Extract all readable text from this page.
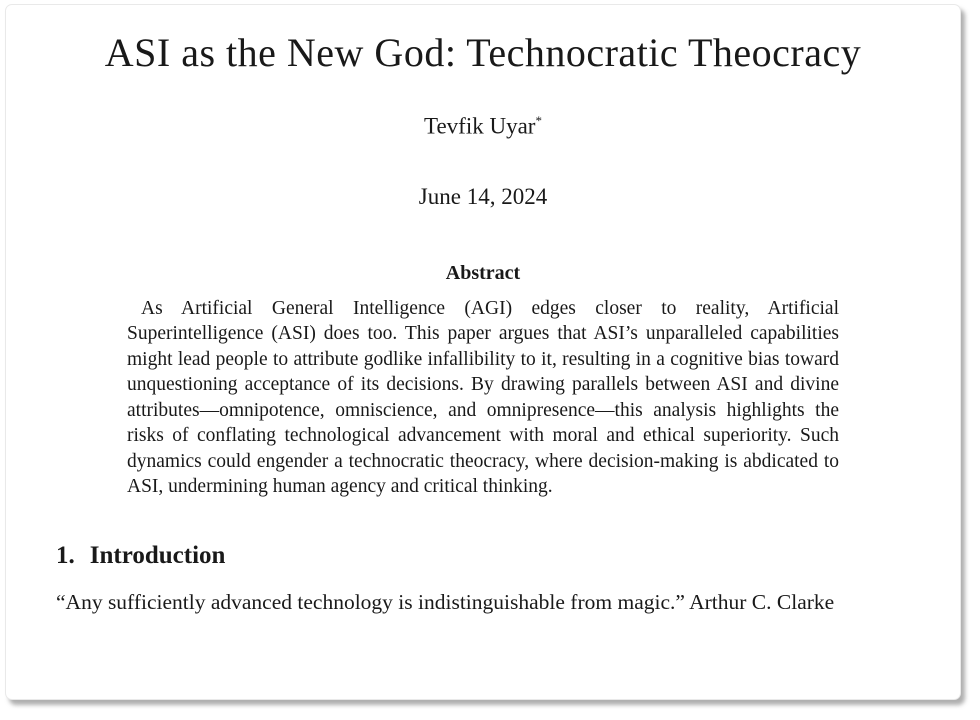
ASI as the New God: Technocratic Theocracy
Tevfik Uyar*
June 14, 2024
Abstract

As Artificial General Intelligence (AGI) edges closer to reality, Artificial Superintelligence (ASI) does too. This paper argues that ASI’s unparalleled capabilities might lead people to attribute godlike infallibility to it, resulting in a cognitive bias toward unquestioning acceptance of its decisions. By drawing parallels between ASI and divine attributes—omnipotence, omniscience, and omnipresence—this analysis highlights the risks of conflating technological advancement with moral and ethical superiority. Such dynamics could engender a technocratic theocracy, where decision-making is abdicated to ASI, undermining human agency and critical thinking.

1. Introduction

“Any sufficiently advanced technology is indistinguishable from magic.” Arthur C. Clarke
